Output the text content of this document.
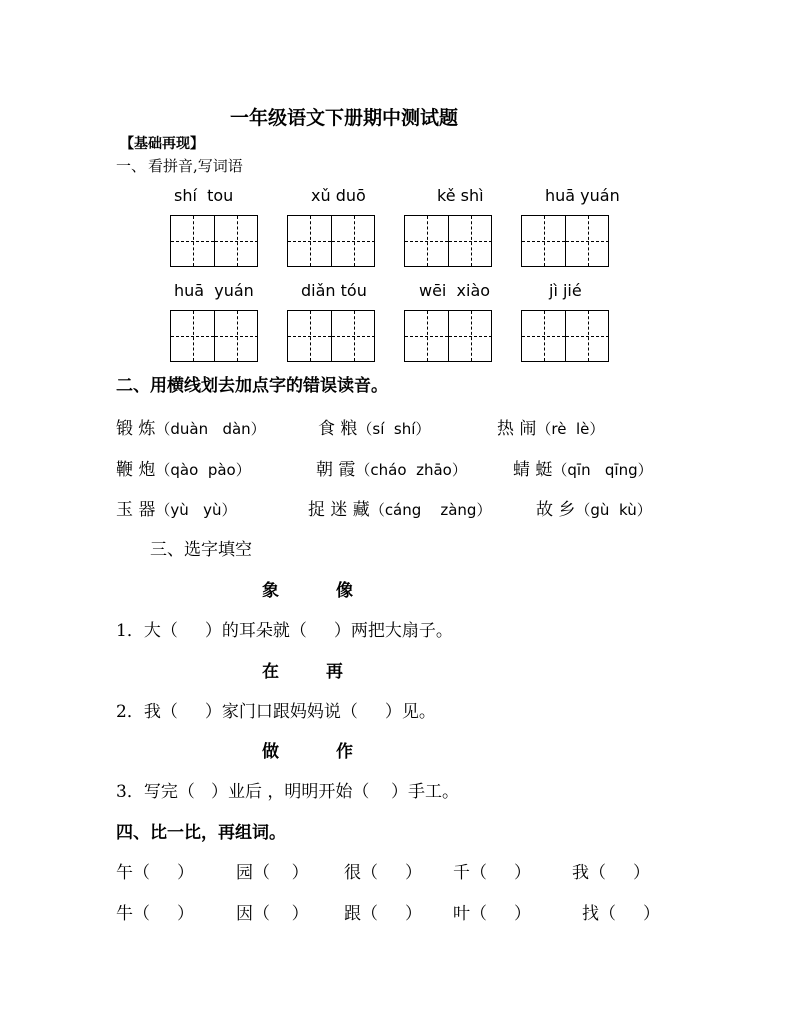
一年级语文下册期中测试题
【基础再现】
一、 看拼音,写词语
shí  tou	xǔ duō	kě shì	huā yuán
huā  yuán	diǎn tóu	wēi  xiào	jì jié
二、用横线划去加点字的错误读音。
锻 炼（duàn   dàn）	食 粮（sí  shí）	热 闹（rè  lè）
鞭 炮（qào  pào）	朝 霞（cháo  zhāo）	蜻 蜓（qīn   qīng）
玉 器（yù   yù）	捉 迷 藏（cáng    zàng）	故 乡（gù  kù）
三、选字填空
象	像
1．大（     ）的耳朵就（     ）两把大扇子。
在	再
2．我（     ）家门口跟妈妈说（     ）见。
做	作
3．写完（   ）业后 ，明明开始（    ）手工。
四、比一比，再组词。
午（     ） 园（    ） 很（     ） 千（     ） 我（     ）
牛（     ） 因（    ） 跟（     ） 叶（     ）	找（     ）
